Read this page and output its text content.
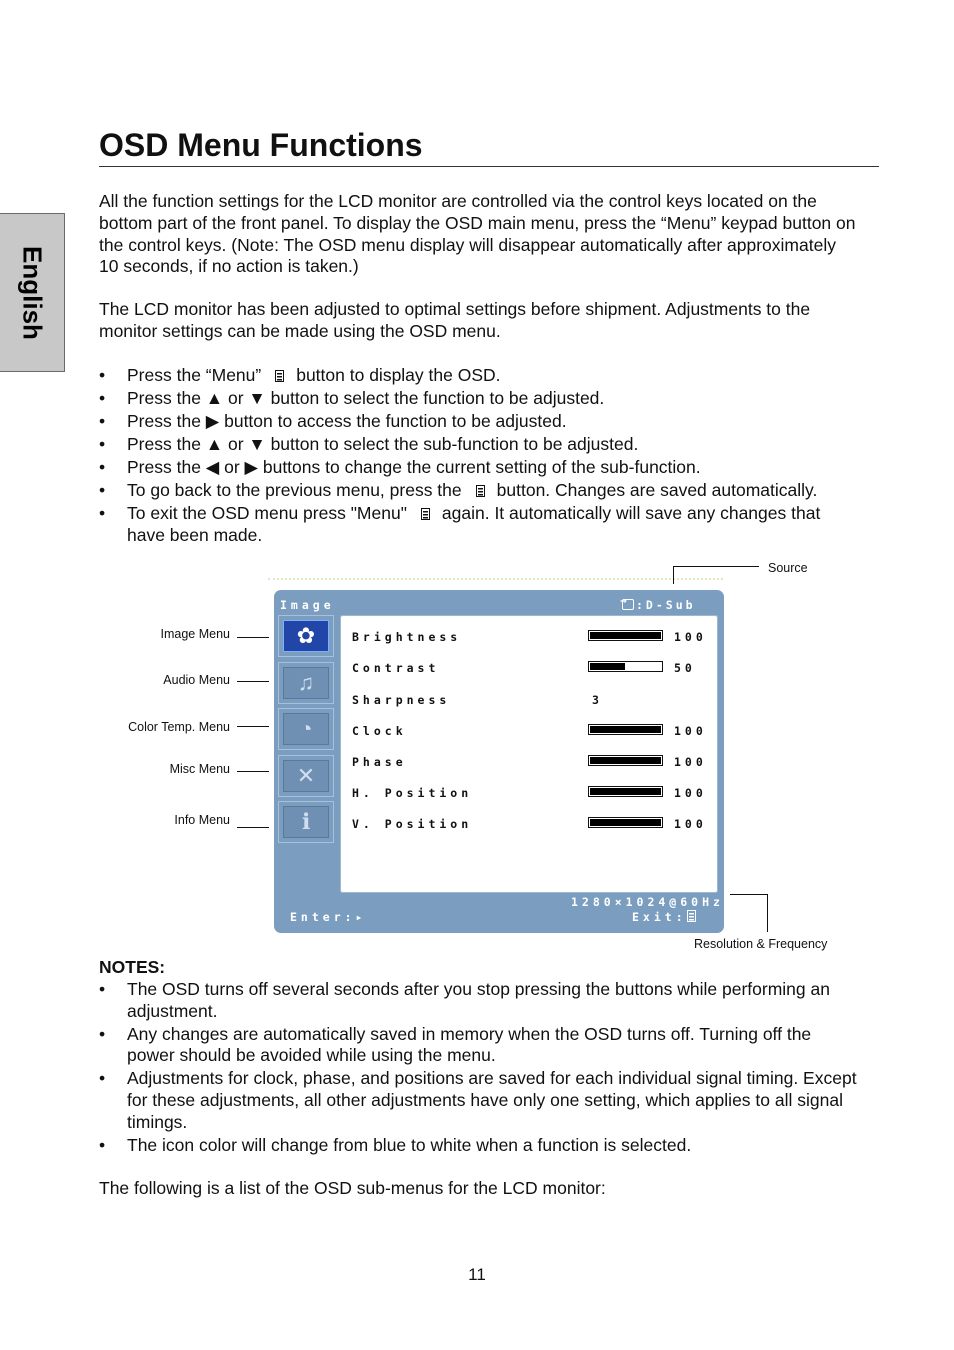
English
OSD Menu Functions

All the function settings for the LCD monitor are controlled via the control keys located on the bottom part of the front panel. To display the OSD main menu, press the “Menu” keypad button on the control keys. (Note: The OSD menu display will disappear automatically after approximately 10 seconds, if no action is taken.)

The LCD monitor has been adjusted to optimal settings before shipment. Adjustments to the monitor settings can be made using the OSD menu.

• Press the “Menu” button to display the OSD.
• Press the ▲ or ▼ button to select the function to be adjusted.
• Press the ▶ button to access the function to be adjusted.
• Press the ▲ or ▼ button to select the sub-function to be adjusted.
• Press the ◀ or ▶ buttons to change the current setting of the sub-function.
• To go back to the previous menu, press the button. Changes are saved automatically.
• To exit the OSD menu press "Menu" again. It automatically will save any changes that have been made.
Source
Image Menu
Audio Menu
Color Temp. Menu
Misc Menu
Info Menu
Resolution & Frequency
Image →	:D-Sub
✿
♫
◔
✕
ℹ
Brightness	100
Contrast	50
Sharpness	3
Clock	100
Phase	100
H. Position	100
V. Position	100
1280×1024@60Hz
Enter:▸	Exit:

NOTES:

• The OSD turns off several seconds after you stop pressing the buttons while performing an adjustment.
• Any changes are automatically saved in memory when the OSD turns off. Turning off the power should be avoided while using the menu.
• Adjustments for clock, phase, and positions are saved for each individual signal timing. Except for these adjustments, all other adjustments have only one setting, which applies to all signal timings.
• The icon color will change from blue to white when a function is selected.

The following is a list of the OSD sub-menus for the LCD monitor:

11
